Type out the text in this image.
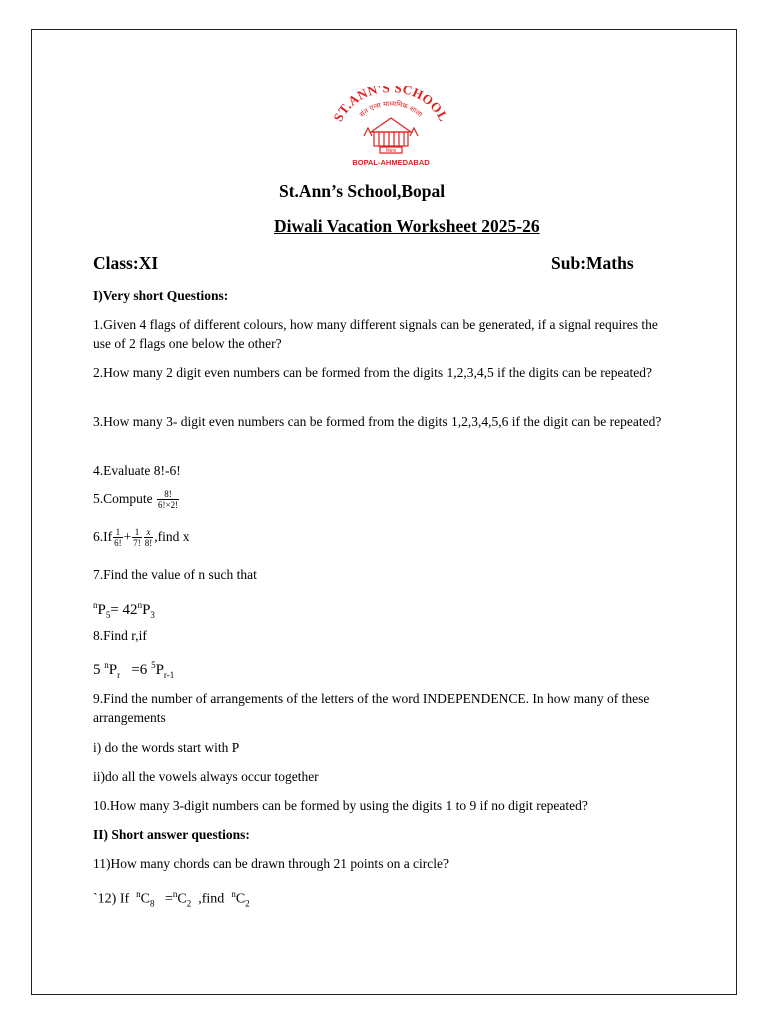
ST.ANN'S SCHOOL
संत एन्स माध्यमिक शाला
विद्यया
BOPAL-AHMEDABAD
St.Ann’s School,Bopal
Diwali Vacation Worksheet 2025-26
Class:XI	Sub:Maths
I)Very short Questions:
1.Given 4 flags of different colours, how many different signals can be generated, if a signal requires the use of 2 flags one below the other?
2.How many 2 digit even numbers can be formed from the digits 1,2,3,4,5 if the digits can be repeated?
3.How many 3- digit even numbers can be formed from the digits 1,2,3,4,5,6 if the digit can be repeated?
4.Evaluate 8!-6!
5.Compute $\frac{8!}{6!\times 2!}$
$6.If \frac{1}{6!} + \frac{1}{7!} \frac{x}{8!}$ ,find x
7.Find the value of n such that
$^nP_5= 42^nP_3$
8.Find r,if
5 $^nP_r =6$ $^5P_{r-1}$
9.Find the number of arrangements of the letters of the word INDEPENDENCE. In how many of these arrangements
i) do the words start with P
ii)do all the vowels always occur together
10.How many 3-digit numbers can be formed by using the digits 1 to 9 if no digit repeated?
II) Short answer questions:
11)How many chords can be drawn through 21 points on a circle?
`12) If $^nC_8 =^nC_2$ ,find $^nC_2$
